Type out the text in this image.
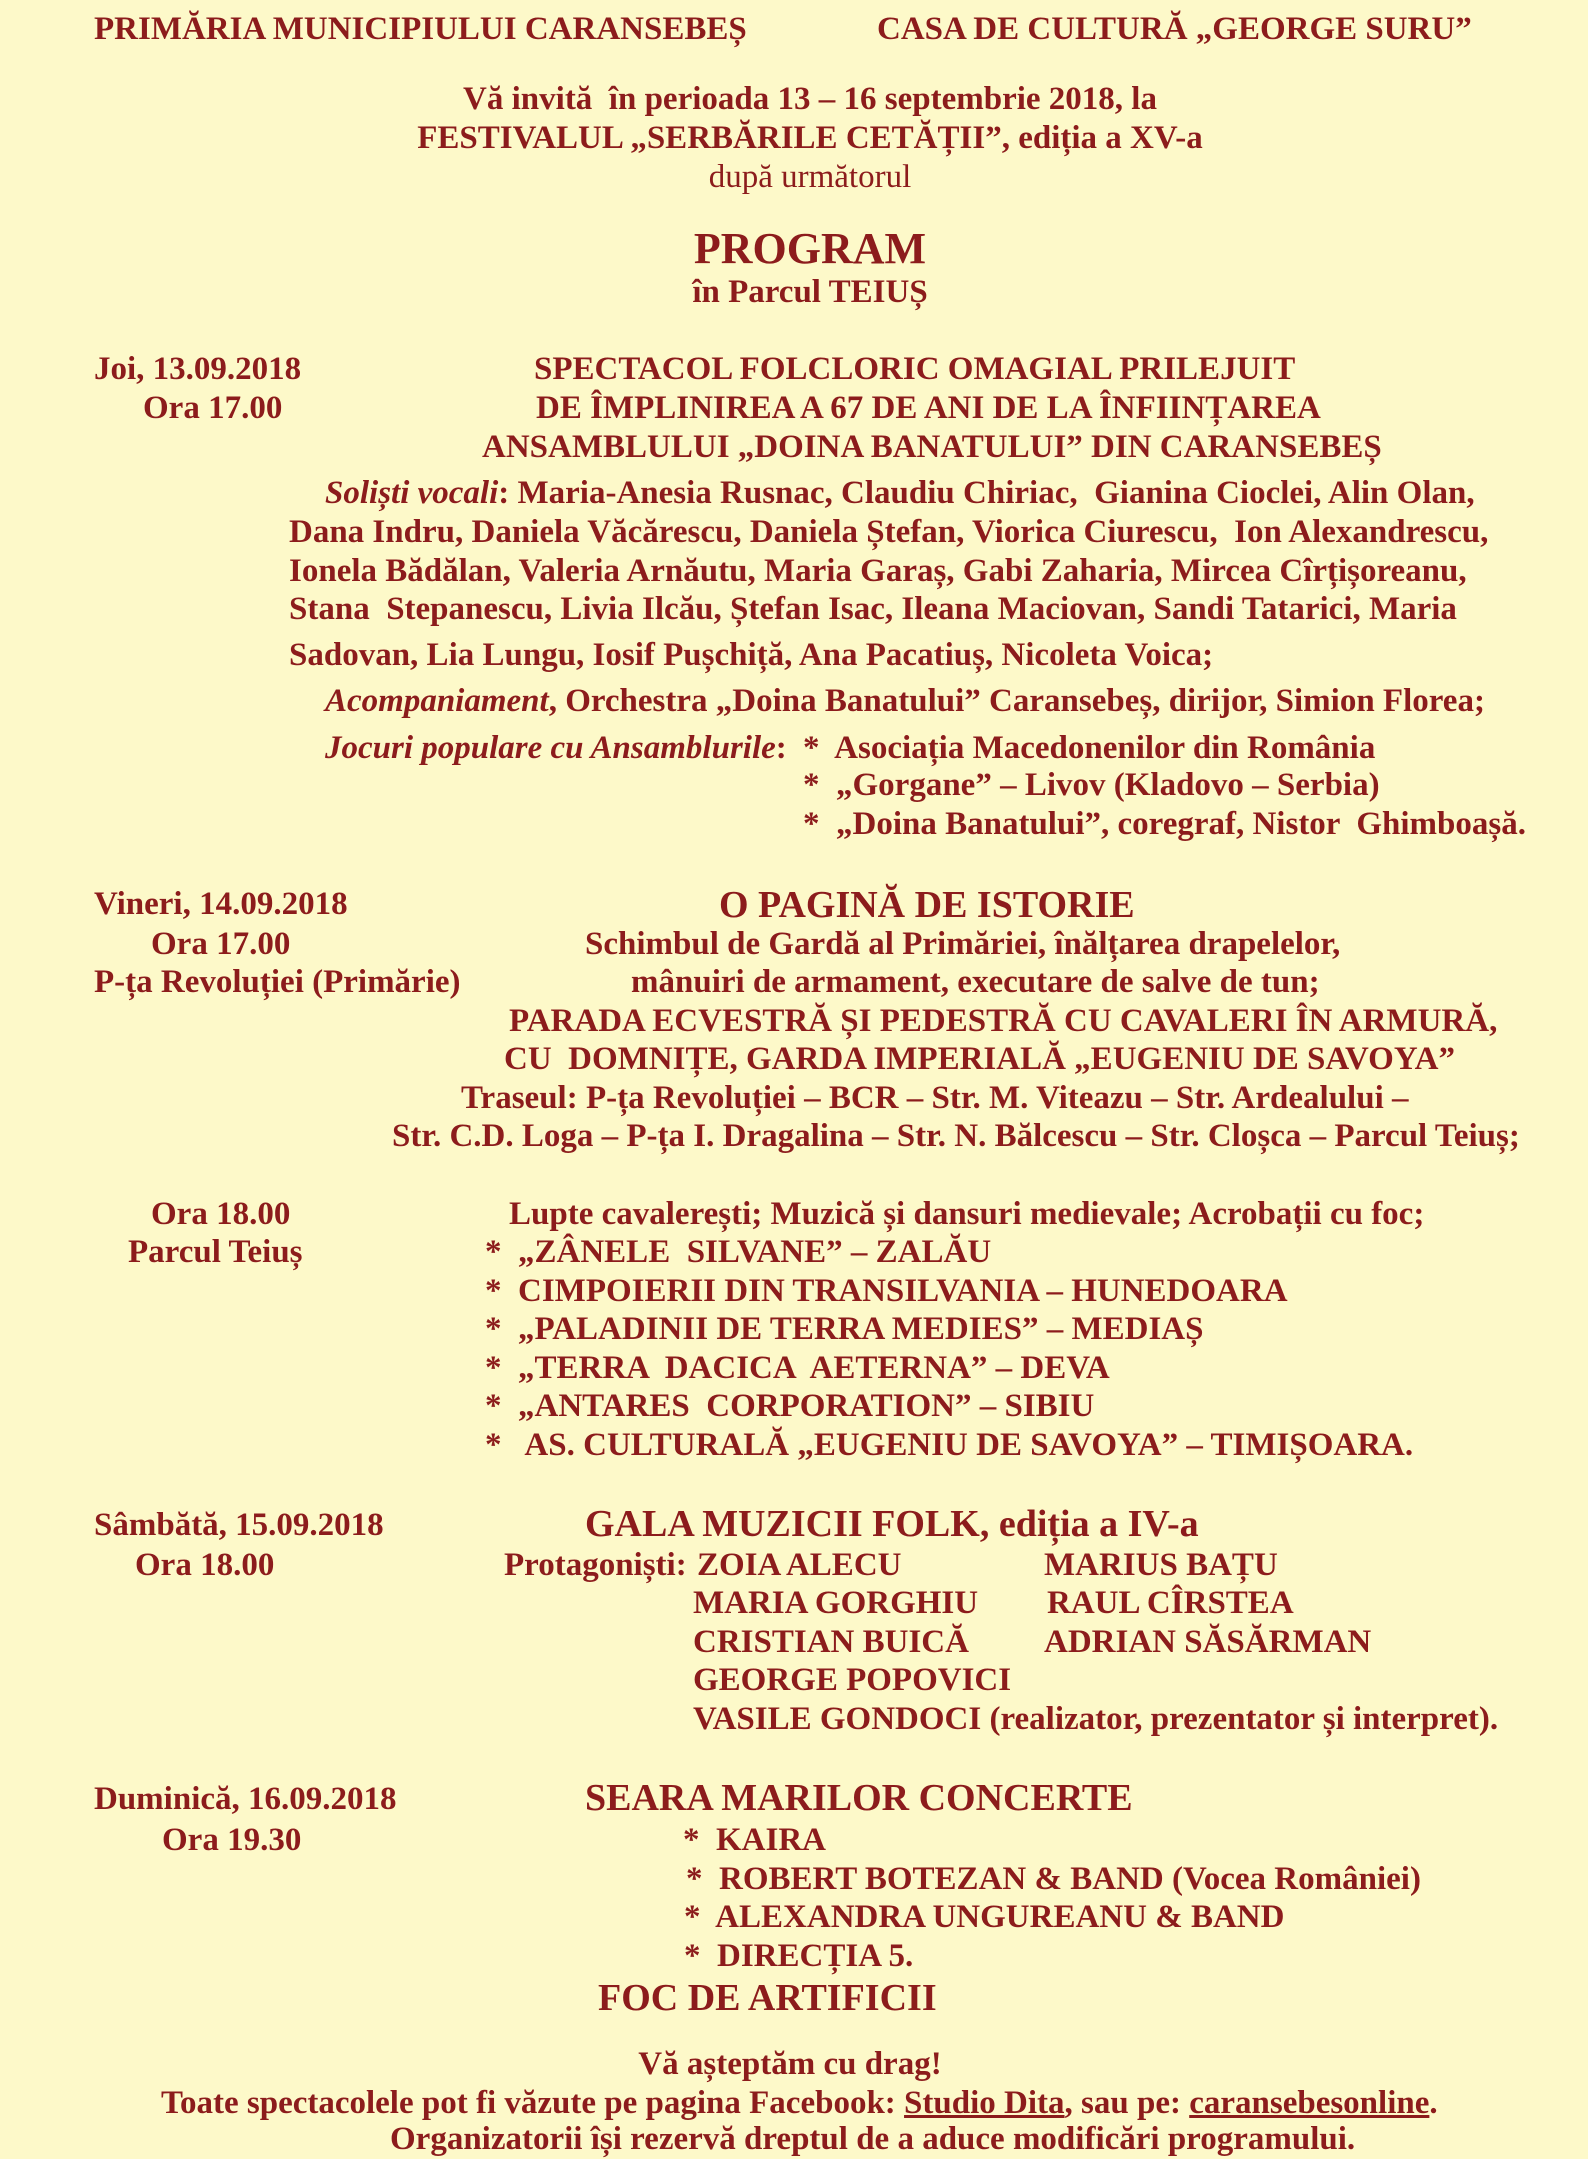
PRIMĂRIA MUNICIPIULUI CARANSEBEȘ	CASA DE CULTURĂ „GEORGE SURU”
Vă invită  în perioada 13 – 16 septembrie 2018, la
FESTIVALUL „SERBĂRILE CETĂȚII”, ediția a XV-a
după următorul
PROGRAM
în Parcul TEIUȘ
Joi, 13.09.2018
Ora 17.00
SPECTACOL FOLCLORIC OMAGIAL PRILEJUIT
DE ÎMPLINIREA A 67 DE ANI DE LA ÎNFIINȚAREA
ANSAMBLULUI „DOINA BANATULUI” DIN CARANSEBEȘ
Soliști vocali: Maria-Anesia Rusnac, Claudiu Chiriac,  Gianina Cioclei, Alin Olan,
Dana Indru, Daniela Văcărescu, Daniela Ștefan, Viorica Ciurescu,  Ion Alexandrescu,
Ionela Bădălan, Valeria Arnăutu, Maria Garaș, Gabi Zaharia, Mircea Cîrțișoreanu,
Stana  Stepanescu, Livia Ilcău, Ștefan Isac, Ileana Maciovan, Sandi Tatarici, Maria
Sadovan, Lia Lungu, Iosif Pușchiță, Ana Pacatiuș, Nicoleta Voica;
Acompaniament, Orchestra „Doina Banatului” Caransebeș, dirijor, Simion Florea;
Jocuri populare cu Ansamblurile: *  Asociația Macedonenilor din România
*  „Gorgane” – Livov (Kladovo – Serbia)
*  „Doina Banatului”, coregraf, Nistor  Ghimboașă.
Vineri, 14.09.2018	O PAGINĂ DE ISTORIE
Ora 17.00
P-ța Revoluției (Primărie)
Schimbul de Gardă al Primăriei, înălțarea drapelelor,
mânuiri de armament, executare de salve de tun;
PARADA ECVESTRĂ ȘI PEDESTRĂ CU CAVALERI ÎN ARMURĂ,
CU  DOMNIȚE, GARDA IMPERIALĂ „EUGENIU DE SAVOYA”
Traseul: P-ța Revoluției – BCR – Str. M. Viteazu – Str. Ardealului –
Str. C.D. Loga – P-ța I. Dragalina – Str. N. Bălcescu – Str. Cloșca – Parcul Teiuș;
Ora 18.00
Parcul Teiuș
Lupte cavalerești; Muzică și dansuri medievale; Acrobații cu foc;
*  „ZÂNELE  SILVANE” – ZALĂU
*  CIMPOIERII DIN TRANSILVANIA – HUNEDOARA
*  „PALADINII DE TERRA MEDIES” – MEDIAȘ
*  „TERRA  DACICA  AETERNA” – DEVA
*  „ANTARES  CORPORATION” – SIBIU
*   AS. CULTURALĂ „EUGENIU DE SAVOYA” – TIMIȘOARA.
Sâmbătă, 15.09.2018	GALA MUZICII FOLK, ediția a IV-a
Ora 18.00	Protagoniști: ZOIA ALECU	MARIUS BAȚU
MARIA GORGHIU RAUL CÎRSTEA
CRISTIAN BUICĂ ADRIAN SĂSĂRMAN
GEORGE POPOVICI
VASILE GONDOCI (realizator, prezentator și interpret).
Duminică, 16.09.2018	SEARA MARILOR CONCERTE
Ora 19.30	*  KAIRA
*  ROBERT BOTEZAN & BAND (Vocea României)
*  ALEXANDRA UNGUREANU & BAND
*  DIRECȚIA 5.
FOC DE ARTIFICII
Vă așteptăm cu drag!
Toate spectacolele pot fi văzute pe pagina Facebook: Studio Dita, sau pe: caransebesonline.
Organizatorii își rezervă dreptul de a aduce modificări programului.
